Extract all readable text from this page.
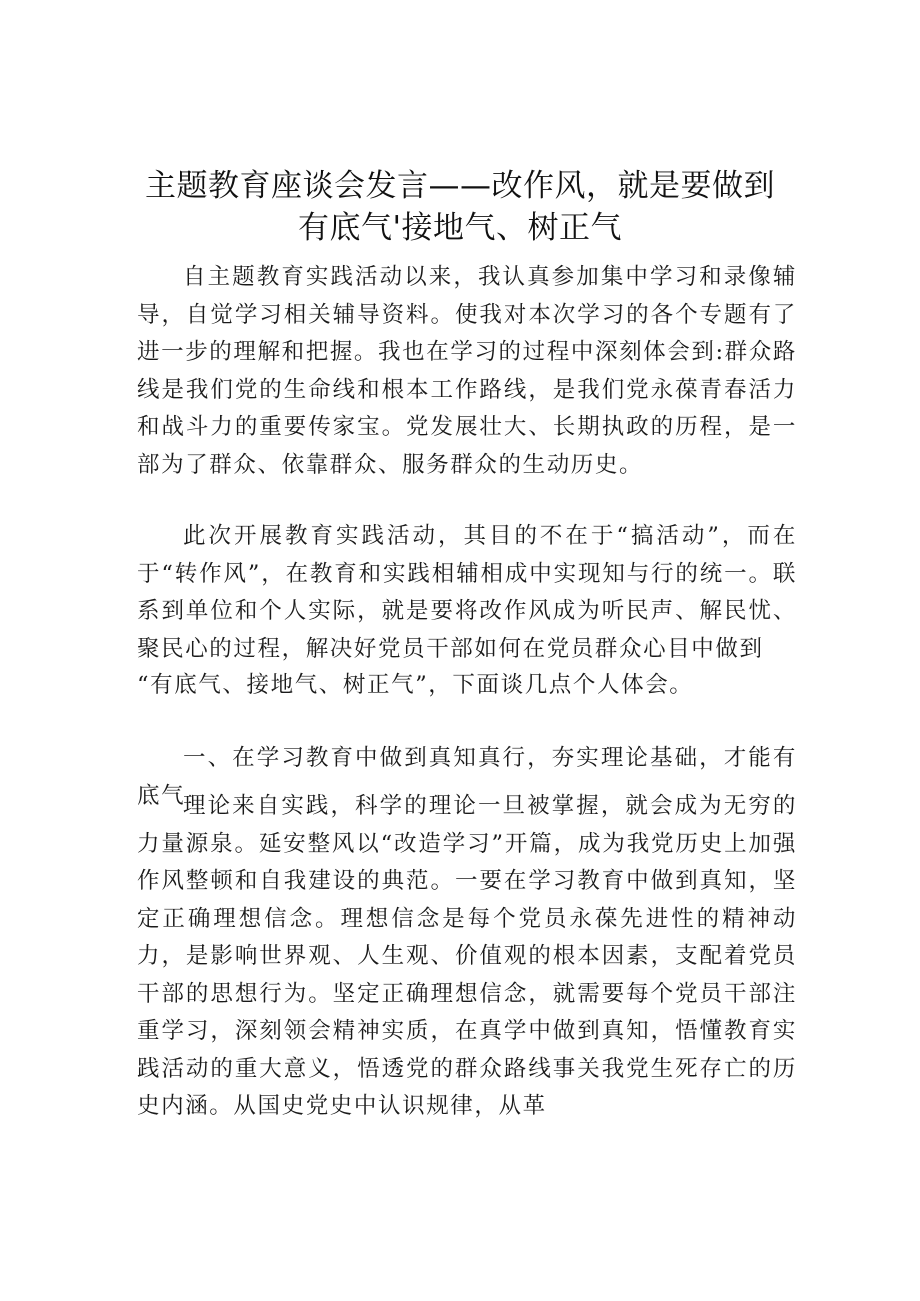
主题教育座谈会发言——改作风，就是要做到
有底气'接地气、树正气

自主题教育实践活动以来，我认真参加集中学习和录像辅导，自觉学习相关辅导资料。使我对本次学习的各个专题有了进一步的理解和把握。我也在学习的过程中深刻体会到:群众路线是我们党的生命线和根本工作路线，是我们党永葆青春活力和战斗力的重要传家宝。党发展壮大、长期执政的历程，是一部为了群众、依靠群众、服务群众的生动历史。

此次开展教育实践活动，其目的不在于“搞活动”，而在于“转作风”，在教育和实践相辅相成中实现知与行的统一。联系到单位和个人实际，就是要将改作风成为听民声、解民忧、聚民心的过程，解决好党员干部如何在党员群众心目中做到

“有底气、接地气、树正气”，下面谈几点个人体会。

一、在学习教育中做到真知真行，夯实理论基础，才能有底气

理论来自实践，科学的理论一旦被掌握，就会成为无穷的力量源泉。延安整风以“改造学习”开篇，成为我党历史上加强作风整顿和自我建设的典范。一要在学习教育中做到真知，坚定正确理想信念。理想信念是每个党员永葆先进性的精神动力，是影响世界观、人生观、价值观的根本因素，支配着党员干部的思想行为。坚定正确理想信念，就需要每个党员干部注重学习，深刻领会精神实质，在真学中做到真知，悟懂教育实践活动的重大意义，悟透党的群众路线事关我党生死存亡的历史内涵。从国史党史中认识规律，从革
